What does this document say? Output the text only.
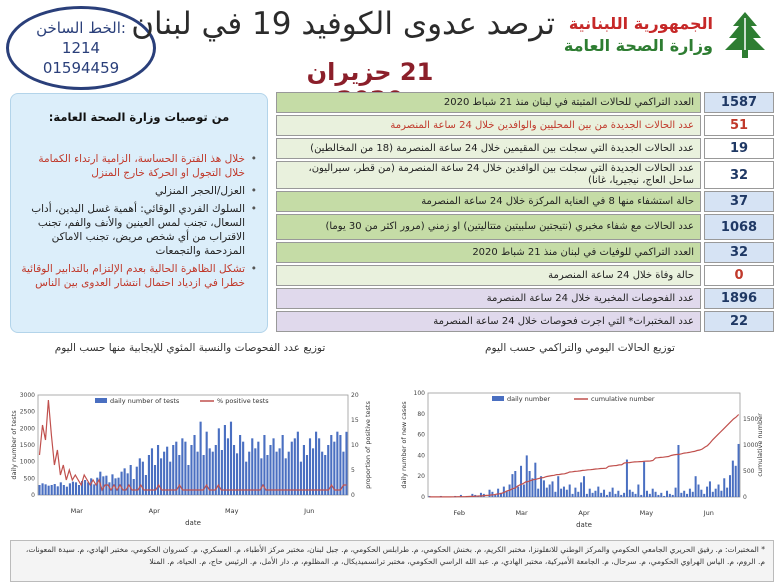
الخط الساخن:
1214
01594459
ترصد عدوى الكوفيد 19 في لبنان
21 حزيران
الجمهورية اللبنانية
وزارة الصحة العامة
من توصيات وزارة الصحة العامة:
• خلال هذ الفترة الحساسة، الزامية ارتداء الكمامة خلال التجول او الحركة خارج المنزل
• العزل/الحجر المنزلي
• السلوك الفردي الوقائي: أهمية غسل اليدين، أداب السعال، تجنب لمس العينين والأنف والفم، تجنب الاقتراب من أي شخص مريض، تجنب الاماكن المزدحمة والتجمعات
• تشكل الظاهرة الحالية بعدم الإلتزام بالتدابير الوقائية خطرا في ازدياد احتمال انتشار العدوى بين الناس
1587
العدد التراكمي للحالات المثبتة في لبنان منذ 21 شباط 2020
51
عدد الحالات الجديدة من بين المحليين والوافدين خلال 24 ساعة المنصرمة
19
عدد الحالات الجديدة التي سجلت بين المقيمين خلال 24 ساعة المنصرمة (18 من المخالطين)
32
عدد الحالات الجديدة التي سجلت بين الوافدين خلال 24 ساعة المنصرمة (من قطر، سيراليون، ساحل العاج، نيجيريا، غانا)
37
حالة استشفاء منها 8 في العناية المركزة خلال 24 ساعة المنصرمة
1068
عدد الحالات مع شفاء مخبري (نتيجتين سلبيتين متتاليتين) او زمني (مرور اكثر من 30 يوما)
32
العدد التراكمي للوفيات في لبنان منذ 21 شباط 2020
0
حالة وفاة خلال 24 ساعة المنصرمة
1896
عدد الفحوصات المخبرية خلال 24 ساعة المنصرمة
22
عدد المختبرات* التي اجرت فحوصات خلال 24 ساعة المنصرمة
توزيع عدد الفحوصات والنسبة المئوي للإيجابية منها حسب اليوم	توزيع الحالات اليومي والتراكمي حسب اليوم
0
500
1000
1500
2000
2500
3000
0
5
10
15
20
Mar	Apr	May	Jun
date
daily number of tests	proportion of positive tests
daily number of tests	% positive tests
0
20
40
60
80
100
0
500
1000
1500
Feb	Mar	Apr	May	Jun
date
daily number of new cases	cumulative number
daily number	cumulative number
* المختبرات: م. رفيق الحريري الجامعي الحكومي والمركز الوطني للانفلونزا، مختبر الكريم، م. بخنش الحكومي، م. طرابلس الحكومي، م. جبل لبنان، مختبر مركز الأطباء، م. العسكري، م. كسروان الحكومي، مختبر الهادي، م. سيدة المعونات، م. الروم، م. الياس الهراوي الحكومي، م. سرحال، م. الجامعة الأميركية، مختبر الهادي، م. عبد الله الراسي الحكومي، مختبر ترانسميديكال، م. المظلوم، م. دار الأمل، م. الرئيس حاج، م. الحياة، م. المنلا
